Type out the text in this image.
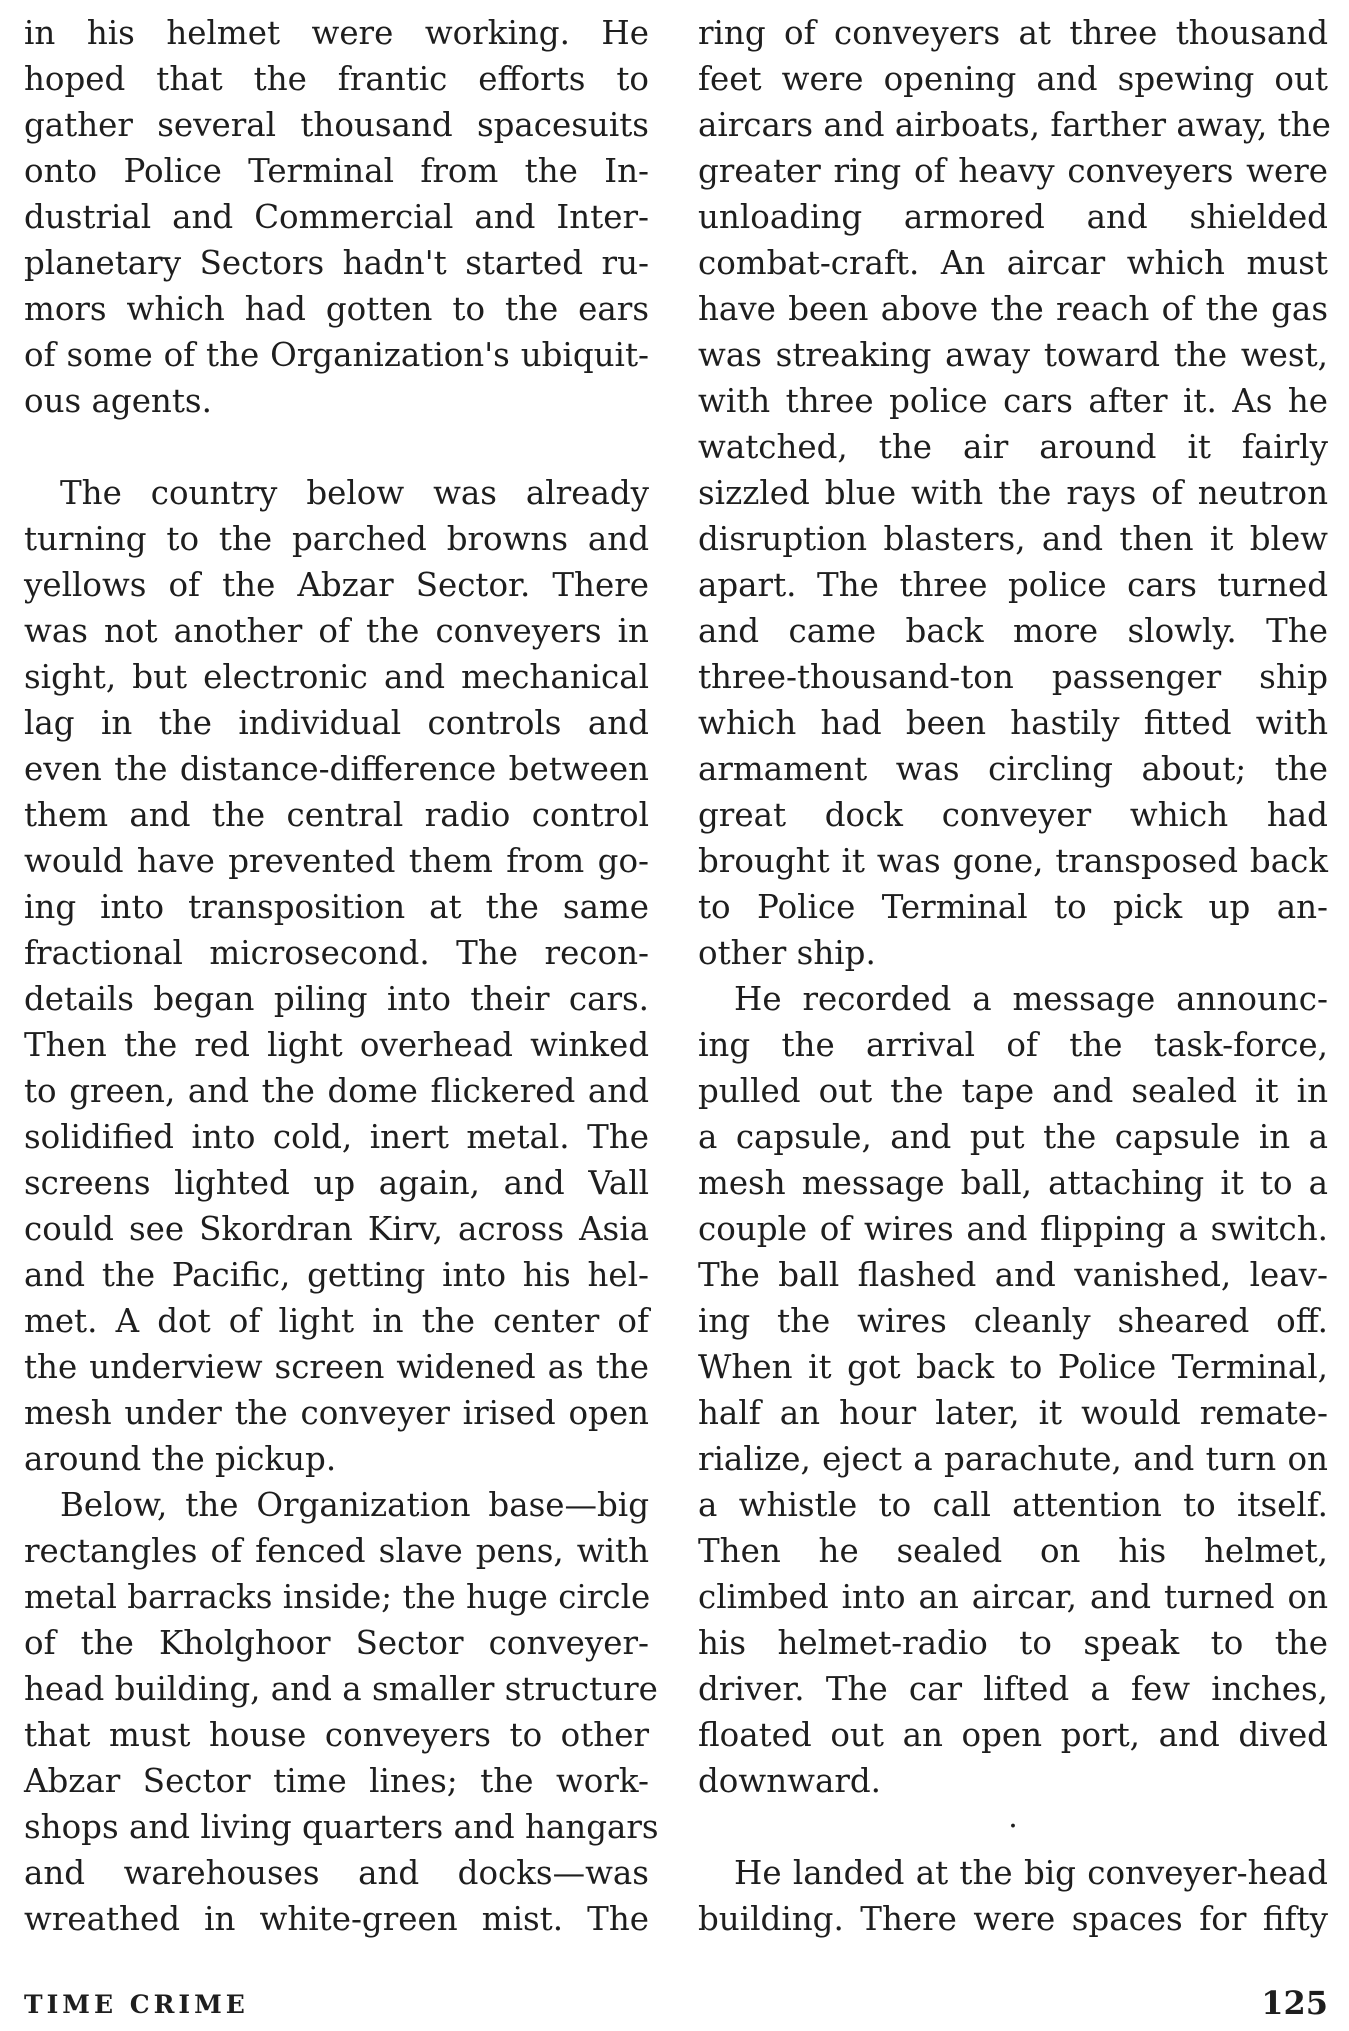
in his helmet were working. He
hoped that the frantic efforts to
gather several thousand spacesuits
onto Police Terminal from the In-
dustrial and Commercial and Inter-
planetary Sectors hadn't started ru-
mors which had gotten to the ears
of some of the Organization's ubiquit-
ous agents.
The country below was already
turning to the parched browns and
yellows of the Abzar Sector. There
was not another of the conveyers in
sight, but electronic and mechanical
lag in the individual controls and
even the distance-difference between
them and the central radio control
would have prevented them from go-
ing into transposition at the same
fractional microsecond. The recon-
details began piling into their cars.
Then the red light overhead winked
to green, and the dome flickered and
solidified into cold, inert metal. The
screens lighted up again, and Vall
could see Skordran Kirv, across Asia
and the Pacific, getting into his hel-
met. A dot of light in the center of
the underview screen widened as the
mesh under the conveyer irised open
around the pickup.
Below, the Organization base—big
rectangles of fenced slave pens, with
metal barracks inside; the huge circle
of the Kholghoor Sector conveyer-
head building, and a smaller structure
that must house conveyers to other
Abzar Sector time lines; the work-
shops and living quarters and hangars
and warehouses and docks—was
wreathed in white-green mist. The
ring of conveyers at three thousand
feet were opening and spewing out
aircars and airboats, farther away, the
greater ring of heavy conveyers were
unloading armored and shielded
combat-craft. An aircar which must
have been above the reach of the gas
was streaking away toward the west,
with three police cars after it. As he
watched, the air around it fairly
sizzled blue with the rays of neutron
disruption blasters, and then it blew
apart. The three police cars turned
and came back more slowly. The
three-thousand-ton passenger ship
which had been hastily fitted with
armament was circling about; the
great dock conveyer which had
brought it was gone, transposed back
to Police Terminal to pick up an-
other ship.
He recorded a message announc-
ing the arrival of the task-force,
pulled out the tape and sealed it in
a capsule, and put the capsule in a
mesh message ball, attaching it to a
couple of wires and flipping a switch.
The ball flashed and vanished, leav-
ing the wires cleanly sheared off.
When it got back to Police Terminal,
half an hour later, it would remate-
rialize, eject a parachute, and turn on
a whistle to call attention to itself.
Then he sealed on his helmet,
climbed into an aircar, and turned on
his helmet-radio to speak to the
driver. The car lifted a few inches,
floated out an open port, and dived
downward.
·
He landed at the big conveyer-head
building. There were spaces for fifty
TIME CRIME	125
